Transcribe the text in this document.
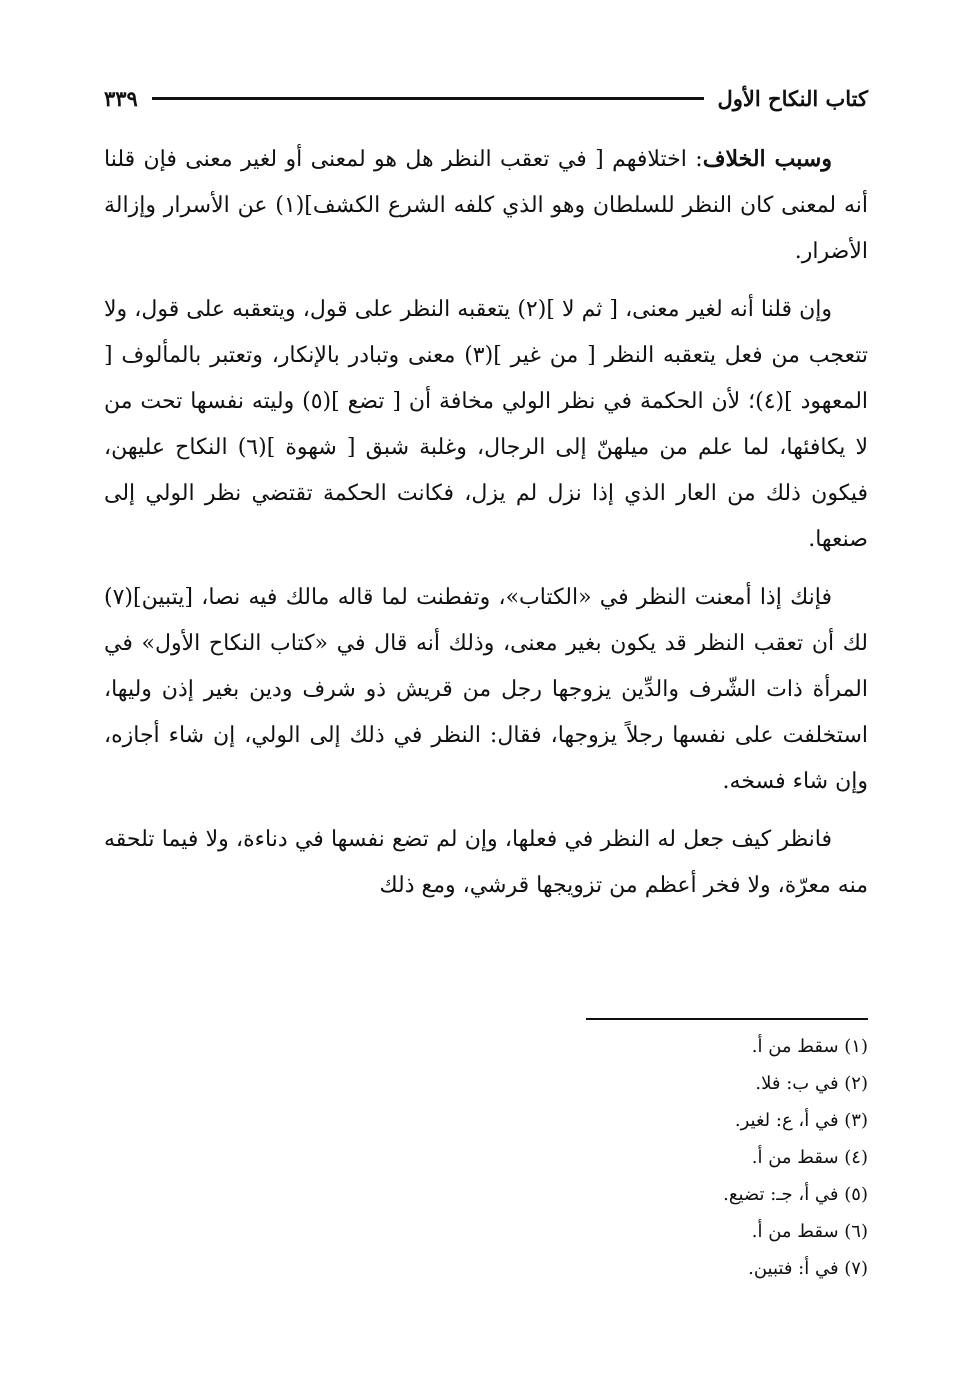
كتاب النكاح الأول
٣٣٩

وسبب الخلاف: اختلافهم [ في تعقب النظر هل هو لمعنى أو لغير معنى فإن قلنا أنه لمعنى كان النظر للسلطان وهو الذي كلفه الشرع الكشف](١) عن الأسرار وإزالة الأضرار.

وإن قلنا أنه لغير معنى، [ ثم لا ](٢) يتعقبه النظر على قول، ويتعقبه على قول، ولا تتعجب من فعل يتعقبه النظر [ من غير ](٣) معنى وتبادر بالإنكار، وتعتبر بالمألوف [ المعهود ](٤)؛ لأن الحكمة في نظر الولي مخافة أن [ تضع ](٥) وليته نفسها تحت من لا يكافئها، لما علم من ميلهنّ إلى الرجال، وغلبة شبق [ شهوة ](٦) النكاح عليهن، فيكون ذلك من العار الذي إذا نزل لم يزل، فكانت الحكمة تقتضي نظر الولي إلى صنعها.

فإنك إذا أمعنت النظر في «الكتاب»، وتفطنت لما قاله مالك فيه نصا، [يتبين](٧) لك أن تعقب النظر قد يكون بغير معنى، وذلك أنه قال في «كتاب النكاح الأول» في المرأة ذات الشّرف والدِّين يزوجها رجل من قريش ذو شرف ودين بغير إذن وليها، استخلفت على نفسها رجلاً يزوجها، فقال: النظر في ذلك إلى الولي، إن شاء أجازه، وإن شاء فسخه.

فانظر كيف جعل له النظر في فعلها، وإن لم تضع نفسها في دناءة، ولا فيما تلحقه منه معرّة، ولا فخر أعظم من تزويجها قرشي، ومع ذلك

(١) سقط من أ.
(٢) في ب: فلا.
(٣) في أ، ع: لغير.
(٤) سقط من أ.
(٥) في أ، جـ: تضيع.
(٦) سقط من أ.
(٧) في أ: فتبين.
